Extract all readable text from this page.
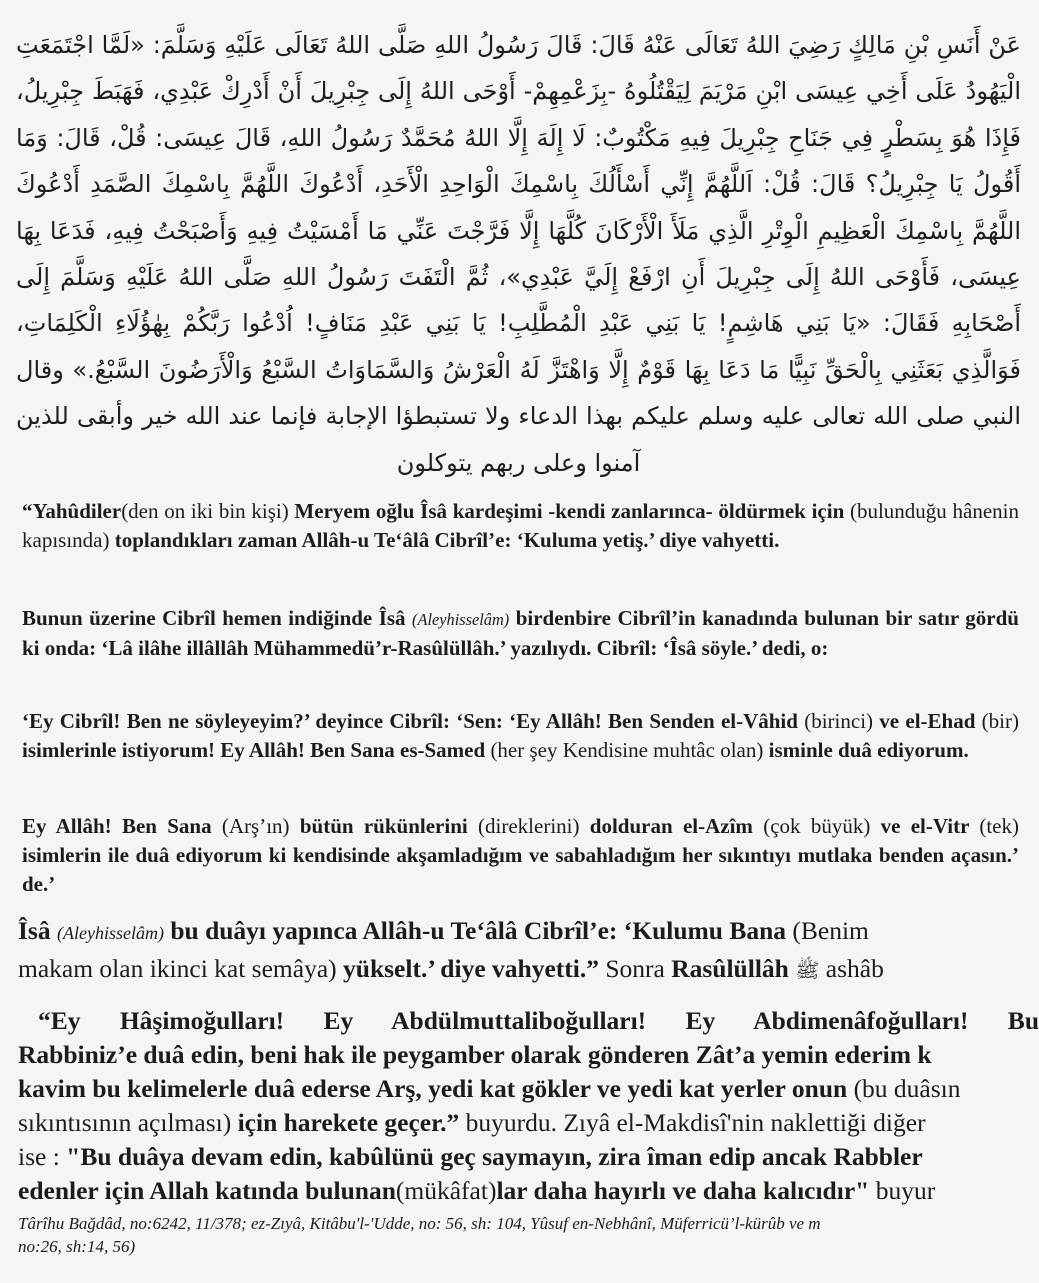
عَنْ أَنَسِ بْنِ مَالِكٍ رَضِيَ اللهُ تَعَالَى عَنْهُ قَالَ: قَالَ رَسُولُ اللهِ صَلَّى اللهُ تَعَالَى عَلَيْهِ وَسَلَّمَ: «لَمَّا اجْتَمَعَتِ الْيَهُودُ عَلَى أَخِي عِيسَى ابْنِ مَرْيَمَ لِيَقْتُلُوهُ -بِزَعْمِهِمْ- أَوْحَى اللهُ إِلَى جِبْرِيلَ أَنْ أَدْرِكْ عَبْدِي، فَهَبَطَ جِبْرِيلُ، فَإِذَا هُوَ بِسَطْرٍ فِي جَنَاحِ جِبْرِيلَ فِيهِ مَكْتُوبٌ: لَا إِلَهَ إِلَّا اللهُ مُحَمَّدٌ رَسُولُ اللهِ، قَالَ عِيسَى: قُلْ، قَالَ: وَمَا أَقُولُ يَا جِبْرِيلُ؟ قَالَ: قُلْ: اَللَّهُمَّ إِنِّي أَسْأَلُكَ بِاسْمِكَ الْوَاحِدِ الْأَحَدِ، أَدْعُوكَ اللَّهُمَّ بِاسْمِكَ الصَّمَدِ أَدْعُوكَ اللَّهُمَّ بِاسْمِكَ الْعَظِيمِ الْوِتْرِ الَّذِي مَلَأَ الْأَرْكَانَ كُلَّهَا إِلَّا فَرَّجْتَ عَنِّي مَا أَمْسَيْتُ فِيهِ وَأَصْبَحْتُ فِيهِ، فَدَعَا بِهَا عِيسَى، فَأَوْحَى اللهُ إِلَى جِبْرِيلَ أَنِ ارْفَعْ إِلَيَّ عَبْدِي»، ثُمَّ الْتَفَتَ رَسُولُ اللهِ صَلَّى اللهُ عَلَيْهِ وَسَلَّمَ إِلَى أَصْحَابِهِ فَقَالَ: «يَا بَنِي هَاشِمٍ! يَا بَنِي عَبْدِ الْمُطَّلِبِ! يَا بَنِي عَبْدِ مَنَافٍ! اُدْعُوا رَبَّكُمْ بِهٰؤُلَاءِ الْكَلِمَاتِ، فَوَالَّذِي بَعَثَنِي بِالْحَقِّ نَبِيًّا مَا دَعَا بِهَا قَوْمٌ إِلَّا وَاهْتَزَّ لَهُ الْعَرْشُ وَالسَّمَاوَاتُ السَّبْعُ وَالْأَرَضُونَ السَّبْعُ.» وقال النبي صلى الله تعالى عليه وسلم عليكم بهذا الدعاء ولا تستبطؤا الإجابة فإنما عند الله خير وأبقى للذين آمنوا وعلى ربهم يتوكلون
“Yahûdiler(den on iki bin kişi) Meryem oğlu Îsâ kardeşimi -kendi zanlarınca- öldürmek için (bulunduğu hânenin kapısında) toplandıkları zaman Allâh-u Te‘âlâ Cibrîl’e: ‘Kuluma yetiş.’ diye vahyetti.
Bunun üzerine Cibrîl hemen indiğinde Îsâ (Aleyhisselâm) birdenbire Cibrîl’in kanadında bulunan bir satır gördü ki onda: ‘Lâ ilâhe illâllâh Mühammedü’r-Rasûlüllâh.’ yazılıydı. Cibrîl: ‘Îsâ söyle.’ dedi, o:
‘Ey Cibrîl! Ben ne söyleyeyim?’ deyince Cibrîl: ‘Sen: ‘Ey Allâh! Ben Senden el-Vâhid (birinci) ve el-Ehad (bir) isimlerinle istiyorum! Ey Allâh! Ben Sana es-Samed (her şey Kendisine muhtâc olan) isminle duâ ediyorum.
Ey Allâh! Ben Sana (Arş’ın) bütün rükünlerini (direklerini) dolduran el-Azîm (çok büyük) ve el-Vitr (tek) isimlerin ile duâ ediyorum ki kendisinde akşamladığım ve sabahladığım her sıkıntıyı mutlaka benden açasın.’ de.’
Îsâ (Aleyhisselâm) bu duâyı yapınca Allâh-u Te‘âlâ Cibrîl’e: ‘Kulumu Bana (Benim
makam olan ikinci kat semâya) yükselt.’ diye vahyetti.” Sonra Rasûlüllâh ﷺ ashâb
“Ey Hâşimoğulları! Ey Abdülmuttaliboğulları! Ey Abdimenâfoğulları! Bu
Rabbiniz’e duâ edin, beni hak ile peygamber olarak gönderen Zât’a yemin ederim k
kavim bu kelimelerle duâ ederse Arş, yedi kat gökler ve yedi kat yerler onun (bu duâsın
sıkıntısının açılması) için harekete geçer.” buyurdu. Zıyâ el-Makdisî'nin naklettiği diğer
ise : "Bu duâya devam edin, kabûlünü geç saymayın, zira îman edip ancak Rabbler
edenler için Allah katında bulunan(mükâfat)lar daha hayırlı ve daha kalıcıdır" buyur
Târîhu Bağdâd, no:6242, 11/378; ez-Zıyâ, Kitâbu'l-'Udde, no: 56, sh: 104, Yûsuf en-Nebhânî, Müferricü’l-kürûb ve m
no:26, sh:14, 56)
